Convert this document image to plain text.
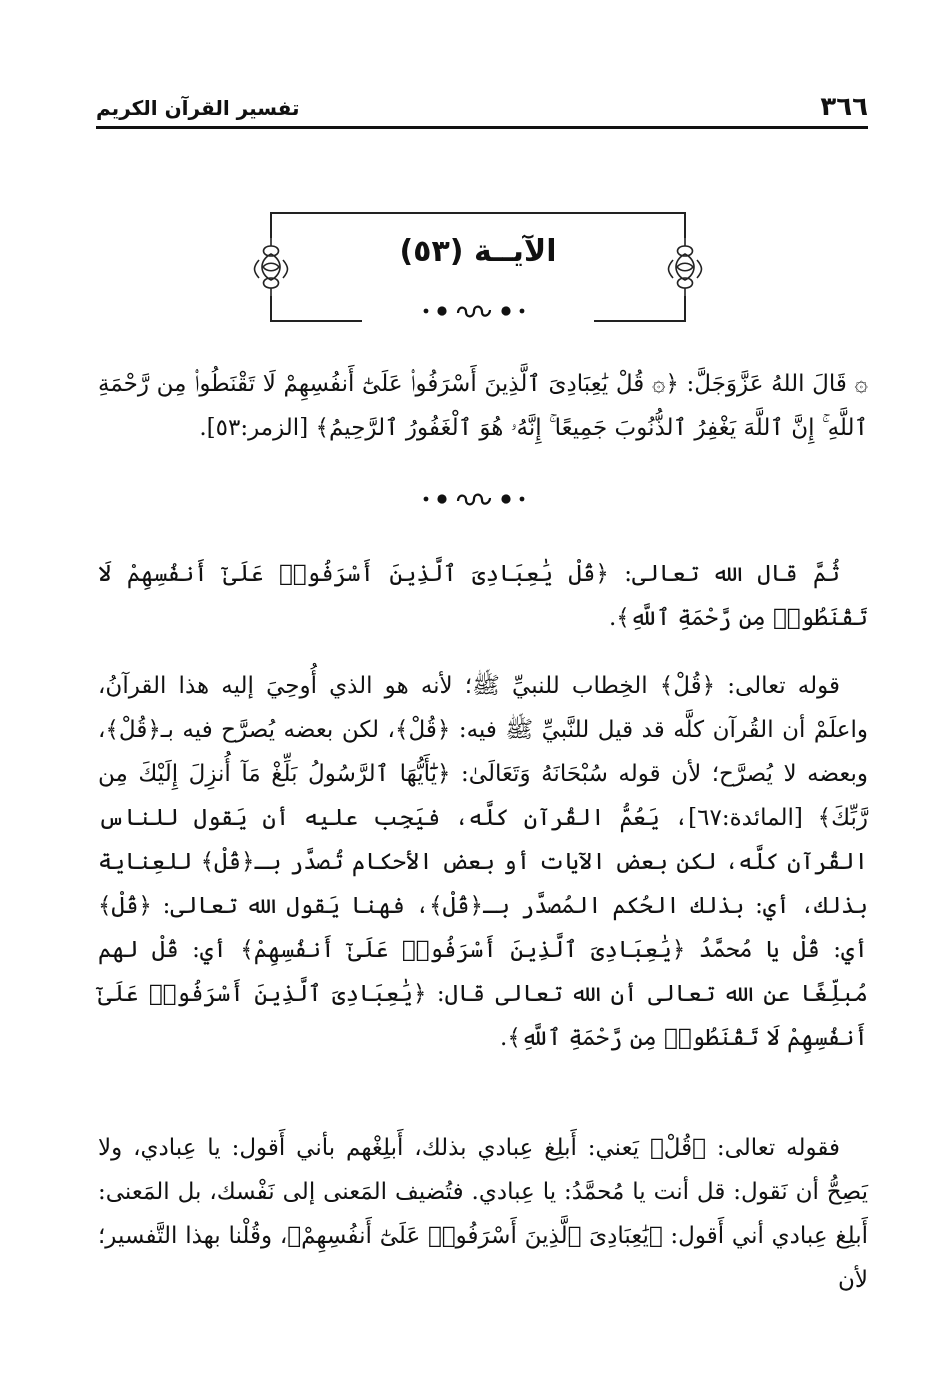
٣٦٦
تفسير القرآن الكريم
الآيــة (٥٣)

۞ قَالَ اللهُ عَزَّوَجَلَّ: ﴿۞ قُلْ يَٰعِبَادِىَ ٱلَّذِينَ أَسْرَفُوا۟ عَلَىٰٓ أَنفُسِهِمْ لَا تَقْنَطُوا۟ مِن رَّحْمَةِ ٱللَّهِ ۚ إِنَّ ٱللَّهَ يَغْفِرُ ٱلذُّنُوبَ جَمِيعًا ۚ إِنَّهُۥ هُوَ ٱلْغَفُورُ ٱلرَّحِيمُ﴾ [الزمر:٥٣].

ثُمَّ قال الله تعالى: ﴿قُلْ يَٰعِبَادِىَ ٱلَّذِينَ أَسْرَفُوا۟ عَلَىٰٓ أَنفُسِهِمْ لَا تَقْنَطُوا۟ مِن رَّحْمَةِ ٱللَّهِ﴾.

قوله تعالى: ﴿قُلْ﴾ الخِطاب للنبيِّ ﷺ؛ لأنه هو الذي أُوحِيَ إليه هذا القرآنُ، واعلَمْ أن القُرآن كلَّه قد قيل للنَّبيِّ ﷺ فيه: ﴿قُلْ﴾، لكن بعضه يُصرَّح فيه بـ﴿قُلْ﴾، وبعضه لا يُصرَّح؛ لأن قوله سُبْحَانَهُ وَتَعَالَىٰ: ﴿يَٰٓأَيُّهَا ٱلرَّسُولُ بَلِّغْ مَآ أُنزِلَ إِلَيْكَ مِن رَّبِّكَ﴾ [المائدة:٦٧]، يَعُمُّ القُرآن كلَّه، فيَجِب عليه أن يَقول للناس القُرآن كلَّه، لكن بعض الآيات أو بعض الأحكام تُصدَّر بـ﴿قُلْ﴾ للعِناية بذلك، أي: بذلك الحُكم المُصدَّر بـ﴿قُلْ﴾، فهنا يَقول الله تعالى: ﴿قُلْ﴾ أي: قُلْ يا مُحمَّدُ ﴿يَٰعِبَادِىَ ٱلَّذِينَ أَسْرَفُوا۟ عَلَىٰٓ أَنفُسِهِمْ﴾ أي: قُلْ لهم مُبلِّغًا عن الله تعالى أن الله تعالى قال: ﴿يَٰعِبَادِىَ ٱلَّذِينَ أَسْرَفُوا۟ عَلَىٰٓ أَنفُسِهِمْ لَا تَقْنَطُوا۟ مِن رَّحْمَةِ ٱللَّهِ﴾.

فقوله تعالى: ﴿قُلْ﴾ يَعني: أَبلِغ عِبادي بذلك، أَبلِغْهم بأني أَقول: يا عِبادي، ولا يَصِحُّ أن نَقول: قل أنت يا مُحمَّدُ: يا عِبادي. فتُضيف المَعنى إلى نَفْسك، بل المَعنى: أَبلِغ عِبادي أني أَقول: ﴿يَٰعِبَادِىَ ٱلَّذِينَ أَسْرَفُوا۟ عَلَىٰٓ أَنفُسِهِمْ﴾، وقُلْنا بهذا التَّفسير؛ لأن
